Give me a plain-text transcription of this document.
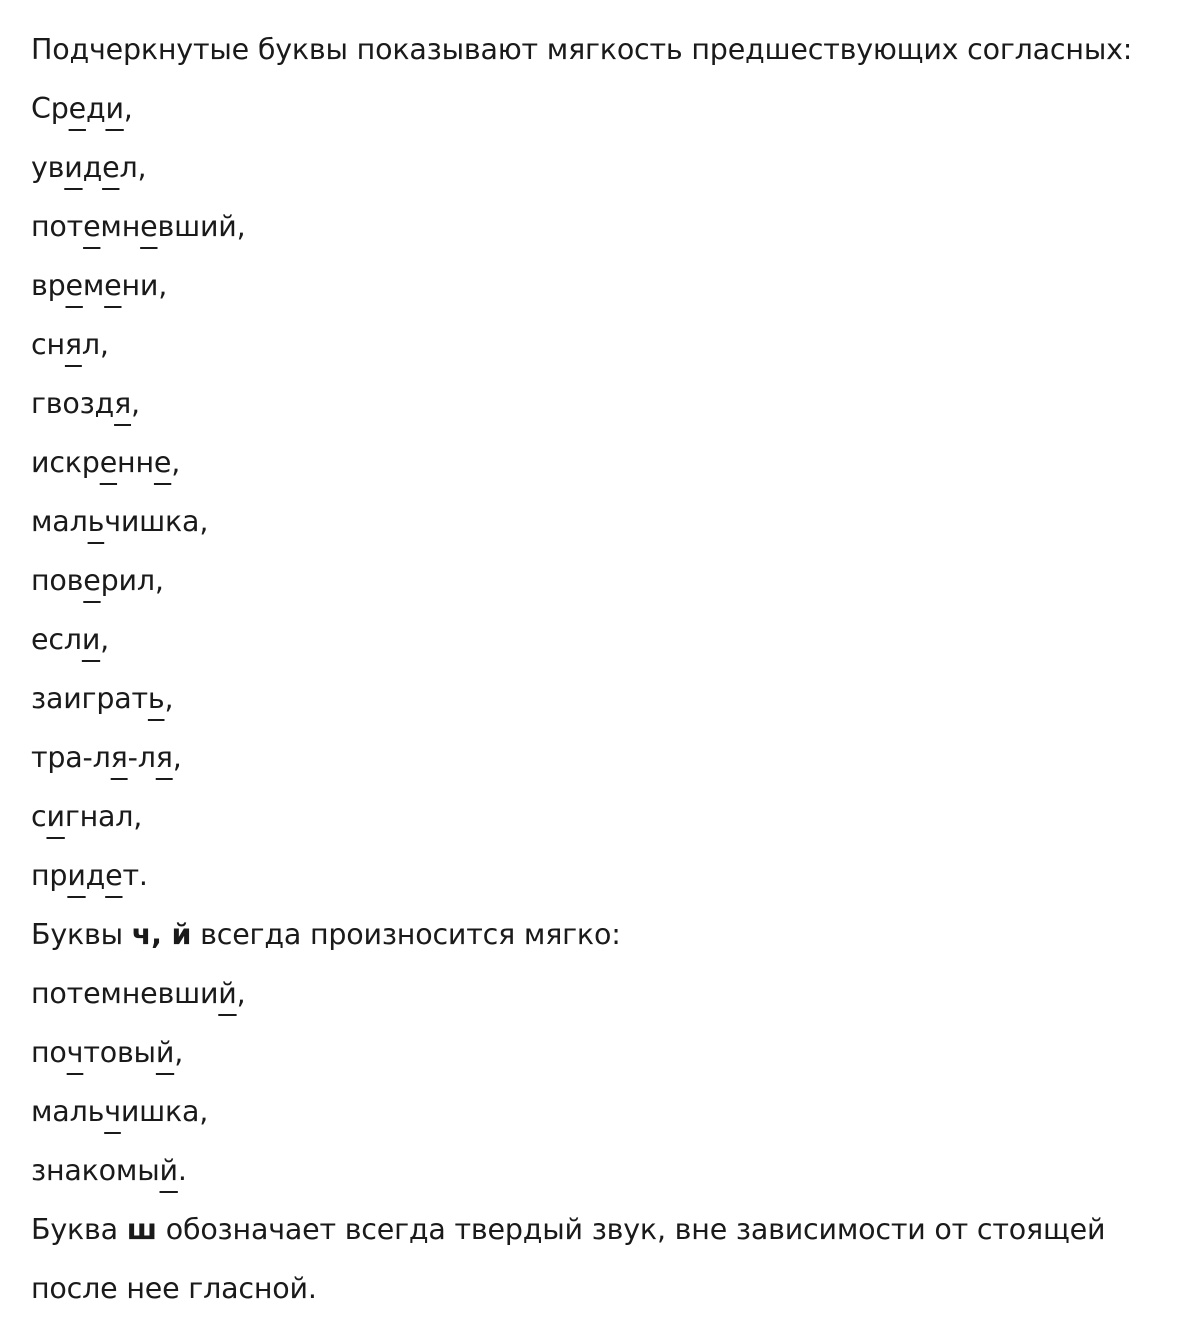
Подчеркнутые буквы показывают мягкость предшествующих согласных:
Среди,
увидел,
потемневший,
времени,
снял,
гвоздя,
искренне,
мальчишка,
поверил,
если,
заиграть,
тра-ля-ля,
сигнал,
придет.
Буквы ч, й всегда произносится мягко:
потемневший,
почтовый,
мальчишка,
знакомый.
Буква ш обозначает всегда твердый звук, вне зависимости от стоящей
после нее гласной.
